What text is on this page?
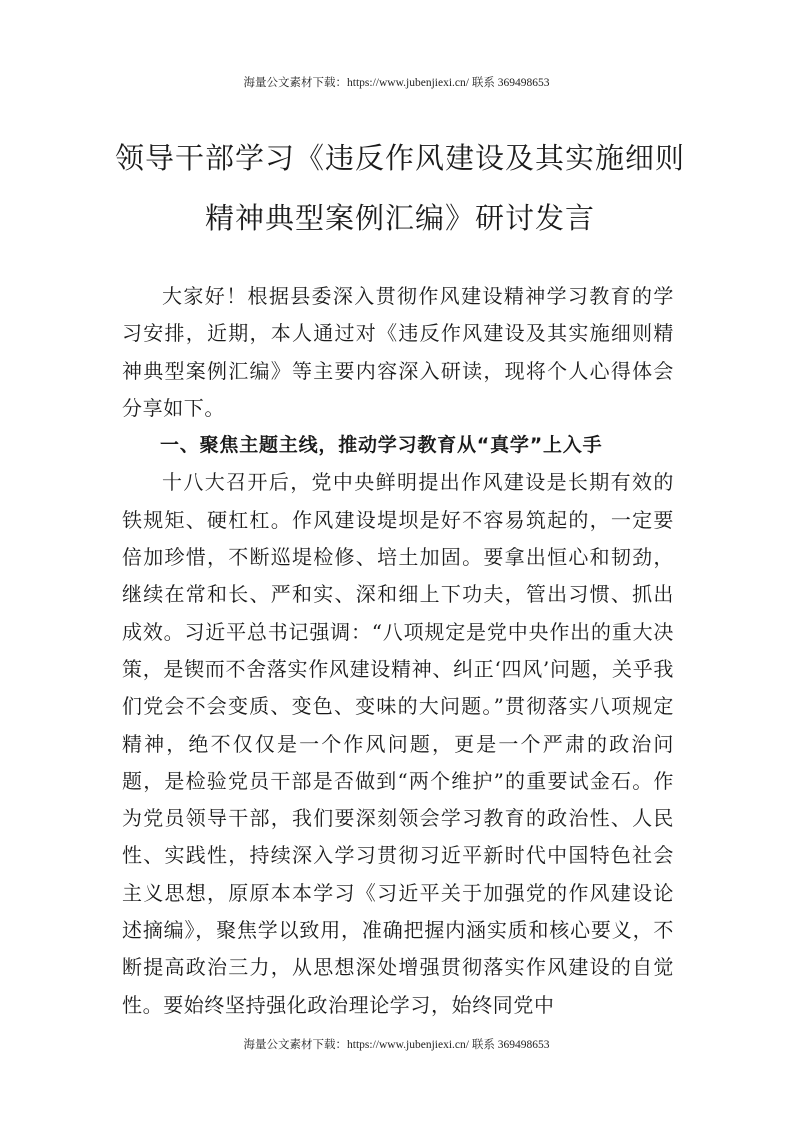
海量公文素材下载：https://www.jubenjiexi.cn/ 联系 369498653
领导干部学习《违反作风建设及其实施细则
精神典型案例汇编》研讨发言

大家好！根据县委深入贯彻作风建设精神学习教育的学习安排，近期，本人通过对《违反作风建设及其实施细则精神典型案例汇编》等主要内容深入研读，现将个人心得体会分享如下。

一、聚焦主题主线，推动学习教育从“真学”上入手

十八大召开后，党中央鲜明提出作风建设是长期有效的铁规矩、硬杠杠。作风建设堤坝是好不容易筑起的，一定要倍加珍惜，不断巡堤检修、培土加固。要拿出恒心和韧劲，继续在常和长、严和实、深和细上下功夫，管出习惯、抓出成效。习近平总书记强调：“八项规定是党中央作出的重大决策，是锲而不舍落实作风建设精神、纠正‘四风’问题，关乎我们党会不会变质、变色、变味的大问题。”贯彻落实八项规定精神，绝不仅仅是一个作风问题，更是一个严肃的政治问题，是检验党员干部是否做到“两个维护”的重要试金石。作为党员领导干部，我们要深刻领会学习教育的政治性、人民性、实践性，持续深入学习贯彻习近平新时代中国特色社会主义思想，原原本本学习《习近平关于加强党的作风建设论述摘编》，聚焦学以致用，准确把握内涵实质和核心要义，不断提高政治三力，从思想深处增强贯彻落实作风建设的自觉性。要始终坚持强化政治理论学习，始终同党中

海量公文素材下载：https://www.jubenjiexi.cn/ 联系 369498653
